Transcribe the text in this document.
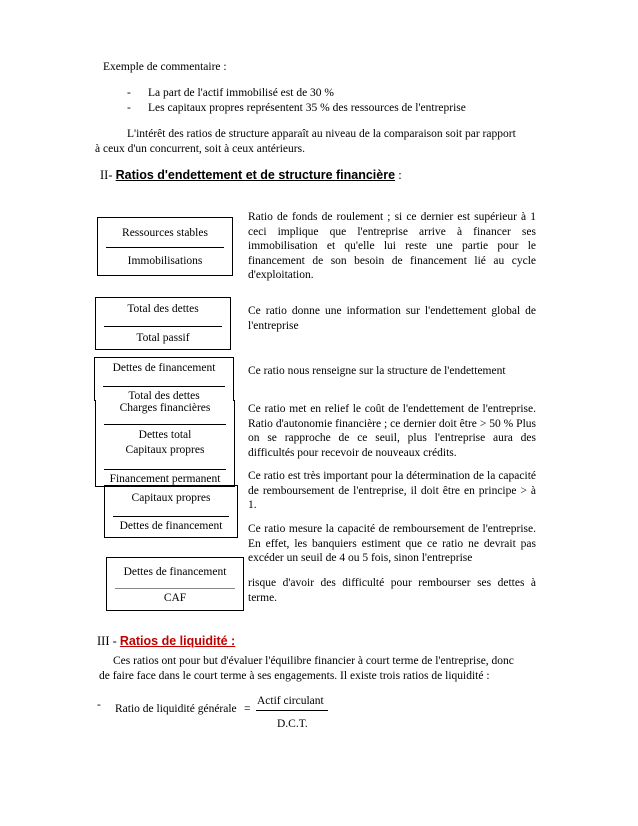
Exemple de commentaire :
- La part de l'actif immobilisé est de 30 %
- Les capitaux propres représentent 35 % des ressources de l'entreprise
L'intérêt des ratios de structure apparaît au niveau de la comparaison soit par rapport
à ceux d'un concurrent, soit à ceux antérieurs.
II- Ratios d'endettement et de structure financière :
Ressources stables
Immobilisations
Ratio de fonds de roulement ; si ce dernier est supérieur à 1 ceci implique que l'entreprise arrive à financer ses immobilisation et qu'elle lui reste une partie pour le financement de son besoin de financement lié au cycle d'exploitation.
Total des dettes
Total passif
Ce ratio donne une information sur l'endettement global de l'entreprise
Dettes de financement
Total des dettes
Ce ratio nous renseigne sur la structure de l'endettement
Charges financières
Dettes total
Ce ratio met en relief le coût de l'endettement de l'entreprise. Ratio d'autonomie financière ; ce dernier doit être > 50 % Plus on se rapproche de ce seuil, plus l'entreprise aura des difficultés pour recevoir de nouveaux crédits.
Capitaux propres
Financement permanent	Ce ratio est très important pour la détermination de la capacité de remboursement de l'entreprise, il doit être en principe > à 1.
Capitaux propres
Dettes de financement	Ce ratio mesure la capacité de remboursement de l'entreprise. En effet, les banquiers estiment que ce ratio ne devrait pas excéder un seuil de 4 ou 5 fois, sinon l'entreprise
Dettes de financement
CAF
risque d'avoir des difficulté pour rembourser ses dettes à terme.
III - Ratios de liquidité :
Ces ratios ont pour but d'évaluer l'équilibre financier à court terme de l'entreprise, donc
de faire face dans le court terme à ses engagements. Il existe trois ratios de liquidité :
- Ratio de liquidité générale =
Actif circulant
D.C.T.
